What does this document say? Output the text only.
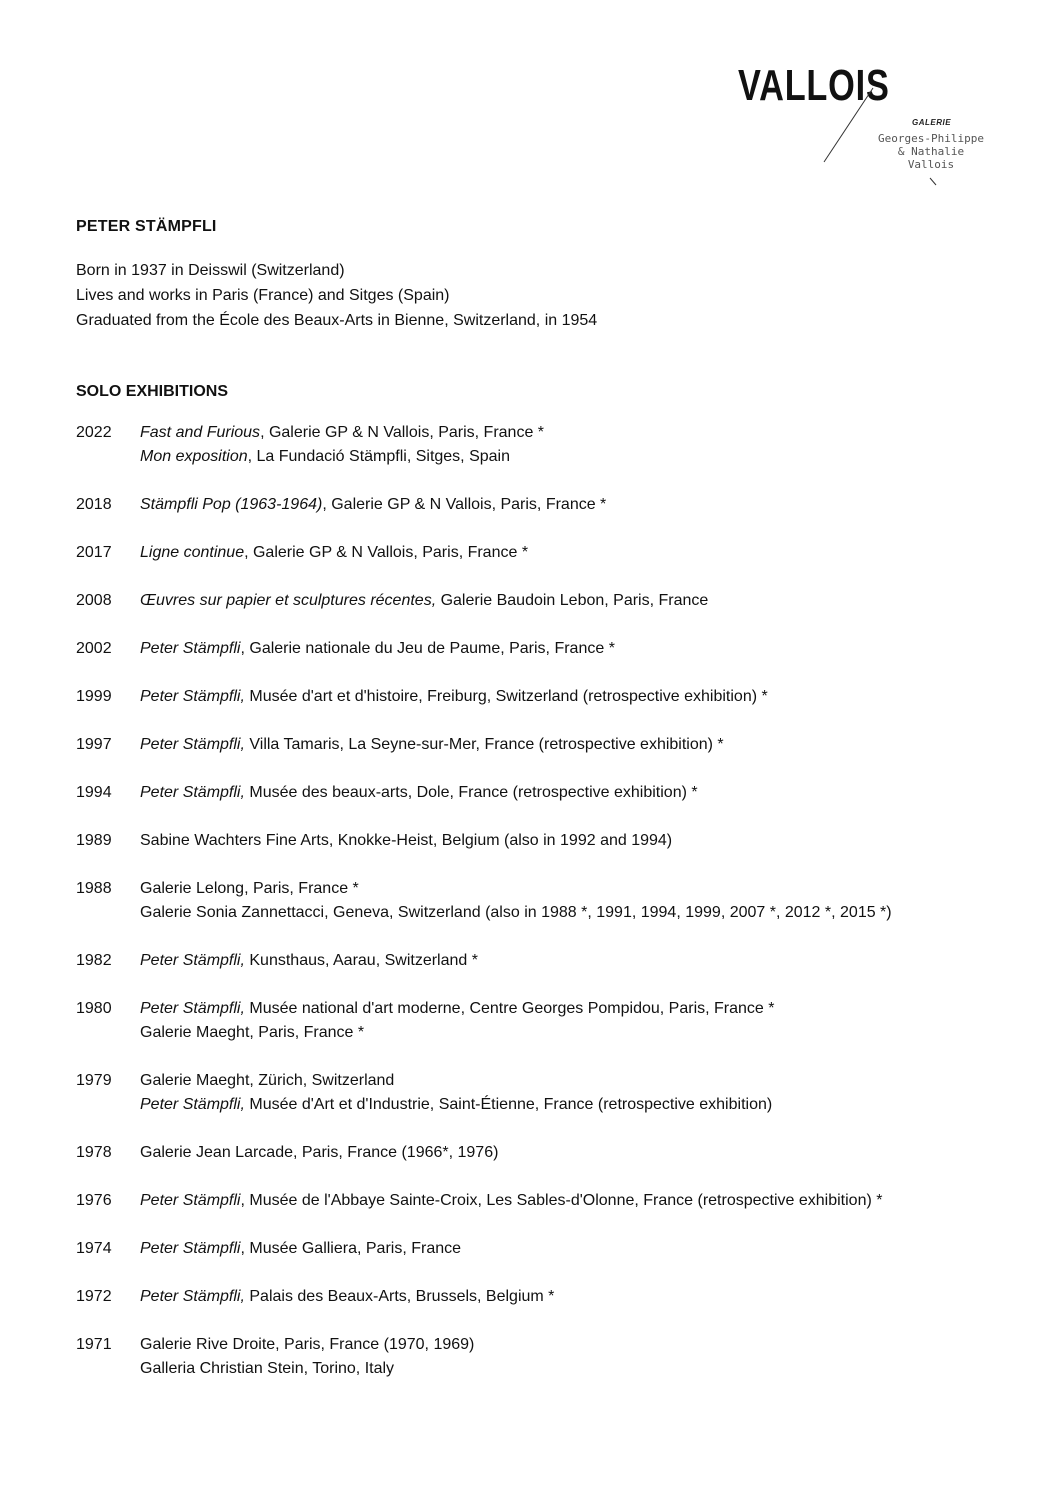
VALLOIS
GALERIE
Georges-Philippe
& Nathalie
Vallois
PETER STÄMPFLI

Born in 1937 in Deisswil (Switzerland)

Lives and works in Paris (France) and Sitges (Spain)

Graduated from the École des Beaux-Arts in Bienne, Switzerland, in 1954

SOLO EXHIBITIONS
2022	Fast and Furious, Galerie GP & N Vallois, Paris, France *
Mon exposition, La Fundació Stämpfli, Sitges, Spain
2018	Stämpfli Pop (1963-1964), Galerie GP & N Vallois, Paris, France *
2017	Ligne continue, Galerie GP & N Vallois, Paris, France *
2008	Œuvres sur papier et sculptures récentes, Galerie Baudoin Lebon, Paris, France
2002	Peter Stämpfli, Galerie nationale du Jeu de Paume, Paris, France *
1999	Peter Stämpfli, Musée d'art et d'histoire, Freiburg, Switzerland (retrospective exhibition) *
1997	Peter Stämpfli, Villa Tamaris, La Seyne-sur-Mer, France (retrospective exhibition) *
1994	Peter Stämpfli, Musée des beaux-arts, Dole, France (retrospective exhibition) *
1989	Sabine Wachters Fine Arts, Knokke-Heist, Belgium (also in 1992 and 1994)
1988	Galerie Lelong, Paris, France *
Galerie Sonia Zannettacci, Geneva, Switzerland (also in 1988 *, 1991, 1994, 1999, 2007 *, 2012 *, 2015 *)
1982	Peter Stämpfli, Kunsthaus, Aarau, Switzerland *
1980	Peter Stämpfli, Musée national d'art moderne, Centre Georges Pompidou, Paris, France *
Galerie Maeght, Paris, France *
1979	Galerie Maeght, Zürich, Switzerland
Peter Stämpfli, Musée d'Art et d'Industrie, Saint-Étienne, France (retrospective exhibition)
1978	Galerie Jean Larcade, Paris, France (1966*, 1976)
1976	Peter Stämpfli, Musée de l'Abbaye Sainte-Croix, Les Sables-d'Olonne, France (retrospective exhibition) *
1974	Peter Stämpfli, Musée Galliera, Paris, France
1972	Peter Stämpfli, Palais des Beaux-Arts, Brussels, Belgium *
1971	Galerie Rive Droite, Paris, France (1970, 1969)
Galleria Christian Stein, Torino, Italy
